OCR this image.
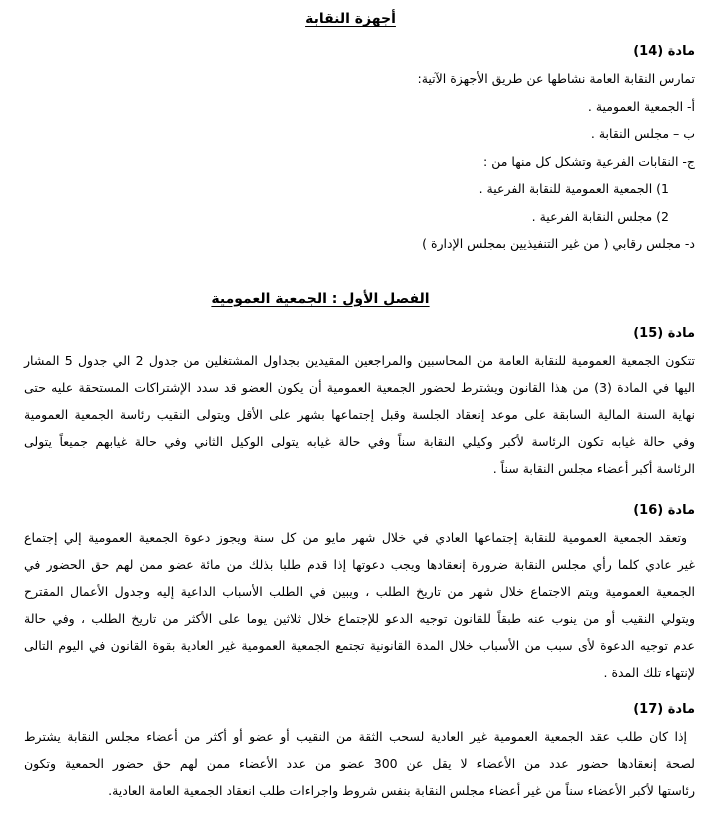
أجهزة النقابة
مادة (14)
تمارس النقابة العامة نشاطها عن طريق الأجهزة الآتية:
أ- الجمعية العمومية .
ب – مجلس النقابة .
ج- النقابات الفرعية وتشكل كل منها من :
1) الجمعية العمومية للنقابة الفرعية .
2) مجلس النقابة الفرعية .
د- مجلس رقابي ( من غير التنفيذيين بمجلس الإدارة )
الفصل الأول : الجمعية العمومية
مادة (15)
تتكون الجمعية العمومية للنقابة العامة من المحاسبين والمراجعين المقيدين بجداول المشتغلين من جدول 2 الي جدول 5 المشار
اليها في المادة (3) من هذا القانون ويشترط لحضور الجمعية العمومية أن يكون العضو قد سدد الإشتراكات المستحقة عليه حتى
نهاية السنة المالية السابقة على موعد إنعقاد الجلسة وقبل إجتماعها بشهر على الأقل ويتولى النقيب رئاسة الجمعية العمومية
وفي حالة غيابه تكون الرئاسة لأكبر وكيلي النقابة سناً وفي حالة غيابه يتولى الوكيل الثاني وفي حالة غيابهم جميعاً يتولى
الرئاسة أكبر أعضاء مجلس النقابة سناً .
مادة (16)
وتعقد الجمعية العمومية للنقابة إجتماعها العادي في خلال شهر مايو من كل سنة ويجوز دعوة الجمعية العمومية إلي إجتماع
غير عادي كلما رأي مجلس النقابة ضرورة إنعقادها ويجب دعوتها إذا قدم طلبا بذلك من مائة عضو ممن لهم حق الحضور في
الجمعية العمومية ويتم الاجتماع خلال شهر من تاريخ الطلب ، ويبين في الطلب الأسباب الداعية إليه وجدول الأعمال المقترح
ويتولي النقيب أو من ينوب عنه طبقاً للقانون توجيه الدعو للإجتماع خلال ثلاثين يوما على الأكثر من تاريخ الطلب ، وفي حالة
عدم توجيه الدعوة لأى سبب من الأسباب خلال المدة القانونية تجتمع الجمعية العمومية غير العادية بقوة القانون في اليوم التالى
لإنتهاء تلك المدة .
مادة (17)
إذا كان طلب عقد الجمعية العمومية غير العادية لسحب الثقة من النقيب أو عضو أو أكثر من أعضاء مجلس النقابة يشترط
لصحة إنعقادها حضور عدد من الأعضاء لا يقل عن 300 عضو من عدد الأعضاء ممن لهم حق حضور الحمعية وتكون
رئاستها لأكبر الأعضاء سناً من غير أعضاء مجلس النقابة بنفس شروط واجراءات طلب انعقاد الجمعية العامة العادية.
